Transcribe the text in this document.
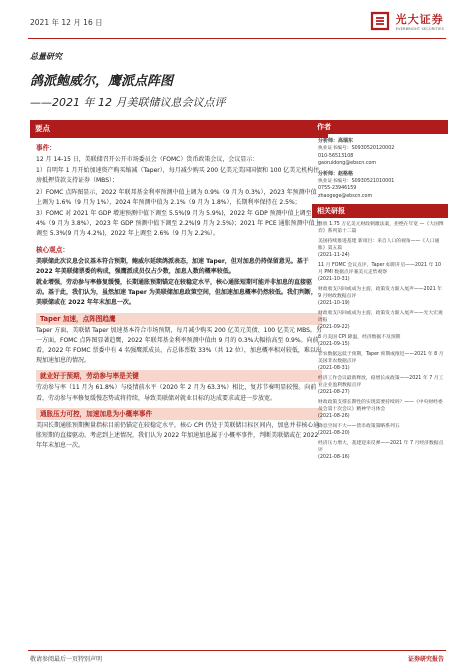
2021 年 12 月 16 日	光大证券
EVERBRIGHT SECURITIES
总量研究
鸽派鲍威尔，鹰派点阵图
——2021 年 12 月美联储议息会议点评
要点
事件：

12 月 14-15 日，美联储召开公开市场委员会（FOMC）货币政策会议，会议显示：

1）自明年 1 月开始加速资产购买缩减（Taper），每月减少购买 200 亿美元美国国债和 100 亿美元机构住房抵押贷款支持证券（MBS）；

2）FOMC 点阵图显示，2022 年联邦基金利率预测中值上调为 0.9%（9 月为 0.3%），2023 年预测中值上调为 1.6%（9 月为 1%），2024 年预测中值为 2.1%（9 月为 1.8%），长期利率保持在 2.5%；

3）FOMC 对 2021 年 GDP 增速预测中值下调至 5.5%(9 月为 5.9%)，2022 年 GDP 预测中值上调至 4%（9 月为 3.8%），2023 年 GDP 预测中值下调至 2.2%(9 月为 2.5%)；2021 年 PCE 通胀预测中值上调至 5.3%(9 月为 4.2%)，2022 年上调至 2.6%（9 月为 2.2%）。

核心观点：

美联储此次议息会议基本符合预期，鲍威尔延续鸽派表态，加速 Taper，但对加息仍持保留意见。基于 2022 年美联储票委的构成，强鹰派成员仅占少数，加息人数的概率较低。

就业增强，劳动参与率修复缓慢，长期通胀预期锚定在较稳定水平，核心通胀短期可能并非加息的直接驱动。基于此，我们认为，虽然加速 Taper 为美联储加息政策空间，但加速加息概率仍然较低。我们判断，美联储或在 2022 年年末加息一次。

Taper 加速，点阵图趋鹰

Taper 方面，美联储 Taper 加速基本符合市场预期，每月减少购买 200 亿美元美债、100 亿美元 MBS。另一方面，FOMC 点阵图显著趋鹰，2022 年联邦基金利率预测中值由 9 月的 0.3%大幅拾高至 0.9%。向前看，2022 年 FOMC 票委中有 4 名强鹰派成员，占总体票数 33%（共 12 位），加息概率相对较低，难以出现加速加息的情况。

就业好于预期，劳动参与率是关键

劳动参与率（11 月为 61.8%）与疫情前水平（2020 年 2 月为 63.3%）相比，复苏节奏明显较慢。向前看，劳动参与率修复缓慢态势或将持续，导致美联储对就业目标的达成要求或进一步放宽。

通胀压力可控，加速加息为小概率事件

美国长期通胀预期衡量指标目前仍锚定在较稳定水平，核心 CPI 仍处于美联储目标区间内，加息并非核心通胀短期的直接驱动。考虑到上述情况，我们认为 2022 年加速加息属于小概率事件，判断美联储或在 2022 年年末加息一次。

作者
分析师：高瑞东
执业证书编号：S0930520120002
010-56513108
gaoruidong@ebscn.com
分析师：赵格格
执业证书编号：S0930521010001
0755-23946159
zhaogege@ebscn.com
相关研报
释放 1.75 万亿美元财政刺激法案，拒绝在年宽 —《大国博弈》系列第十二篇
美国持续推进基建 新项目：来自人口的视角——《人口通胀》第五篇
(2021-11-24)
11 月 FOMC 会议点评，Taper 如期开启——2021 年 10 月 PMI 数据点评兼美元走势观察
(2021-10-31)
财政收支闪回或成为主旋，政策发力渐入尾声——2021 年 9 月财政数据点评
(2021-10-19)
财政收支闪回或成为主旋，政策发力渐入尾声——光大宏观周报
(2021-09-22)
8 月美国 CPI 降温，经济数据不及预期
(2021-09-15)
非农数据远低于预期，Taper 预期或推迟——2021 年 8 月美国非农数据点评
(2021-08-31)
经济工作会议最新释放，稳增长成政策——2021 年 7 月工业企业盈利数据点评
(2021-08-27)
财政政策支撑长期性的实现需要持续吗？——《中央财经委员会第十次会议》精神学习体会
(2021-08-26)
降息空间不大——货币政策策略系列五
(2021-08-20)
经济压力增大，基建迎来反弹——2021 年 7 月经济数据点评
(2021-08-16)
敬请参阅最后一页特别声明	证券研究报告
